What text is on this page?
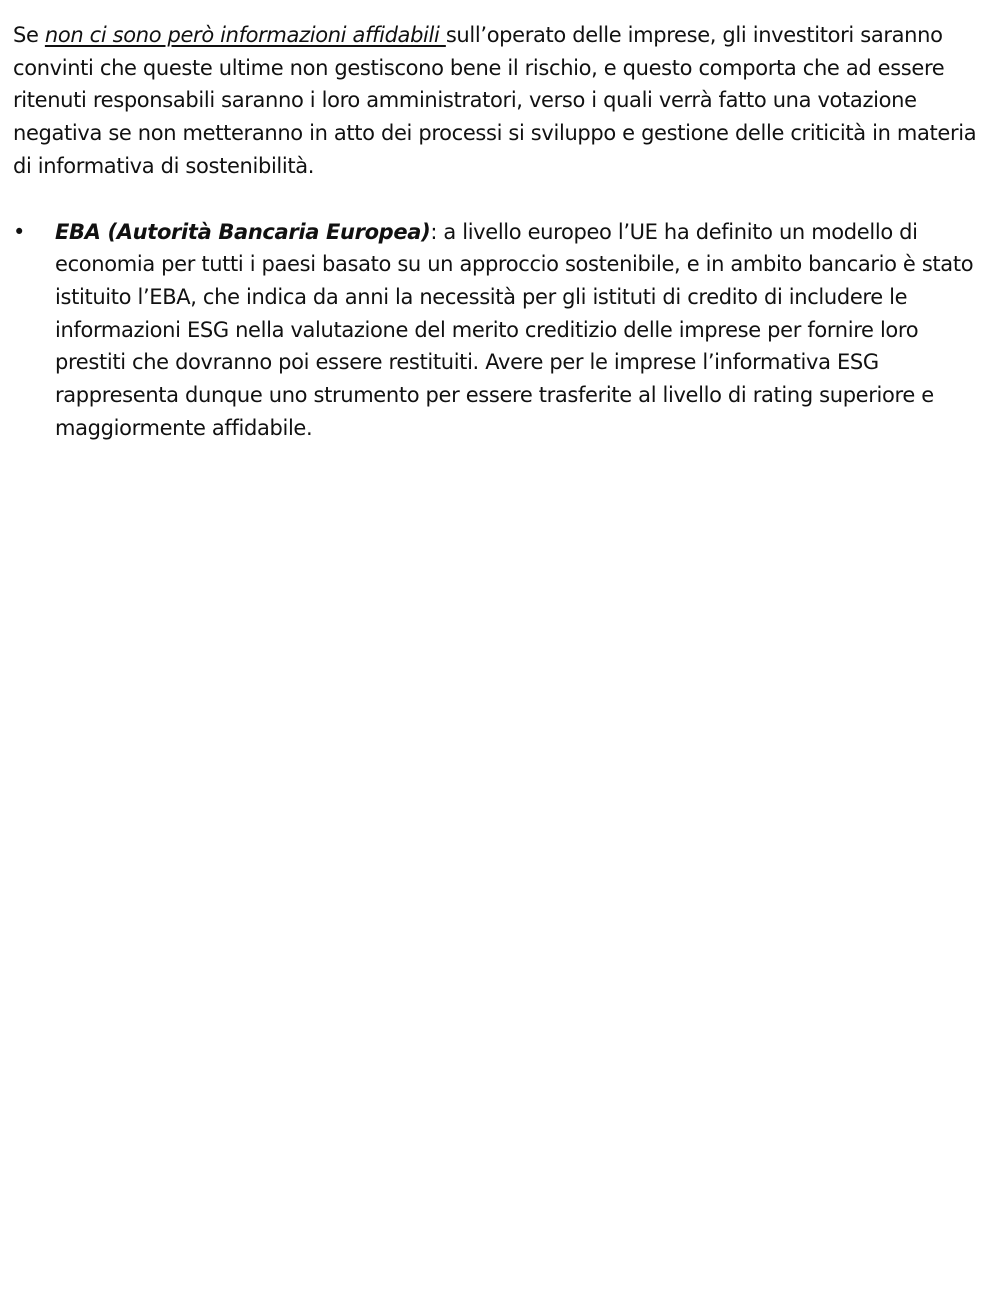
Se non ci sono però informazioni affidabili sull’operato delle imprese, gli investitori saranno convinti che queste ultime non gestiscono bene il rischio, e questo comporta che ad essere ritenuti responsabili saranno i loro amministratori, verso i quali verrà fatto una votazione negativa se non metteranno in atto dei processi si sviluppo e gestione delle criticità in materia di informativa di sostenibilità.

•	EBA (Autorità Bancaria Europea): a livello europeo l’UE ha definito un modello di economia per tutti i paesi basato su un approccio sostenibile, e in ambito bancario è stato istituito l’EBA, che indica da anni la necessità per gli istituti di credito di includere le informazioni ESG nella valutazione del merito creditizio delle imprese per fornire loro prestiti che dovranno poi essere restituiti. Avere per le imprese l’informativa ESG rappresenta dunque uno strumento per essere trasferite al livello di rating superiore e maggiormente affidabile.
